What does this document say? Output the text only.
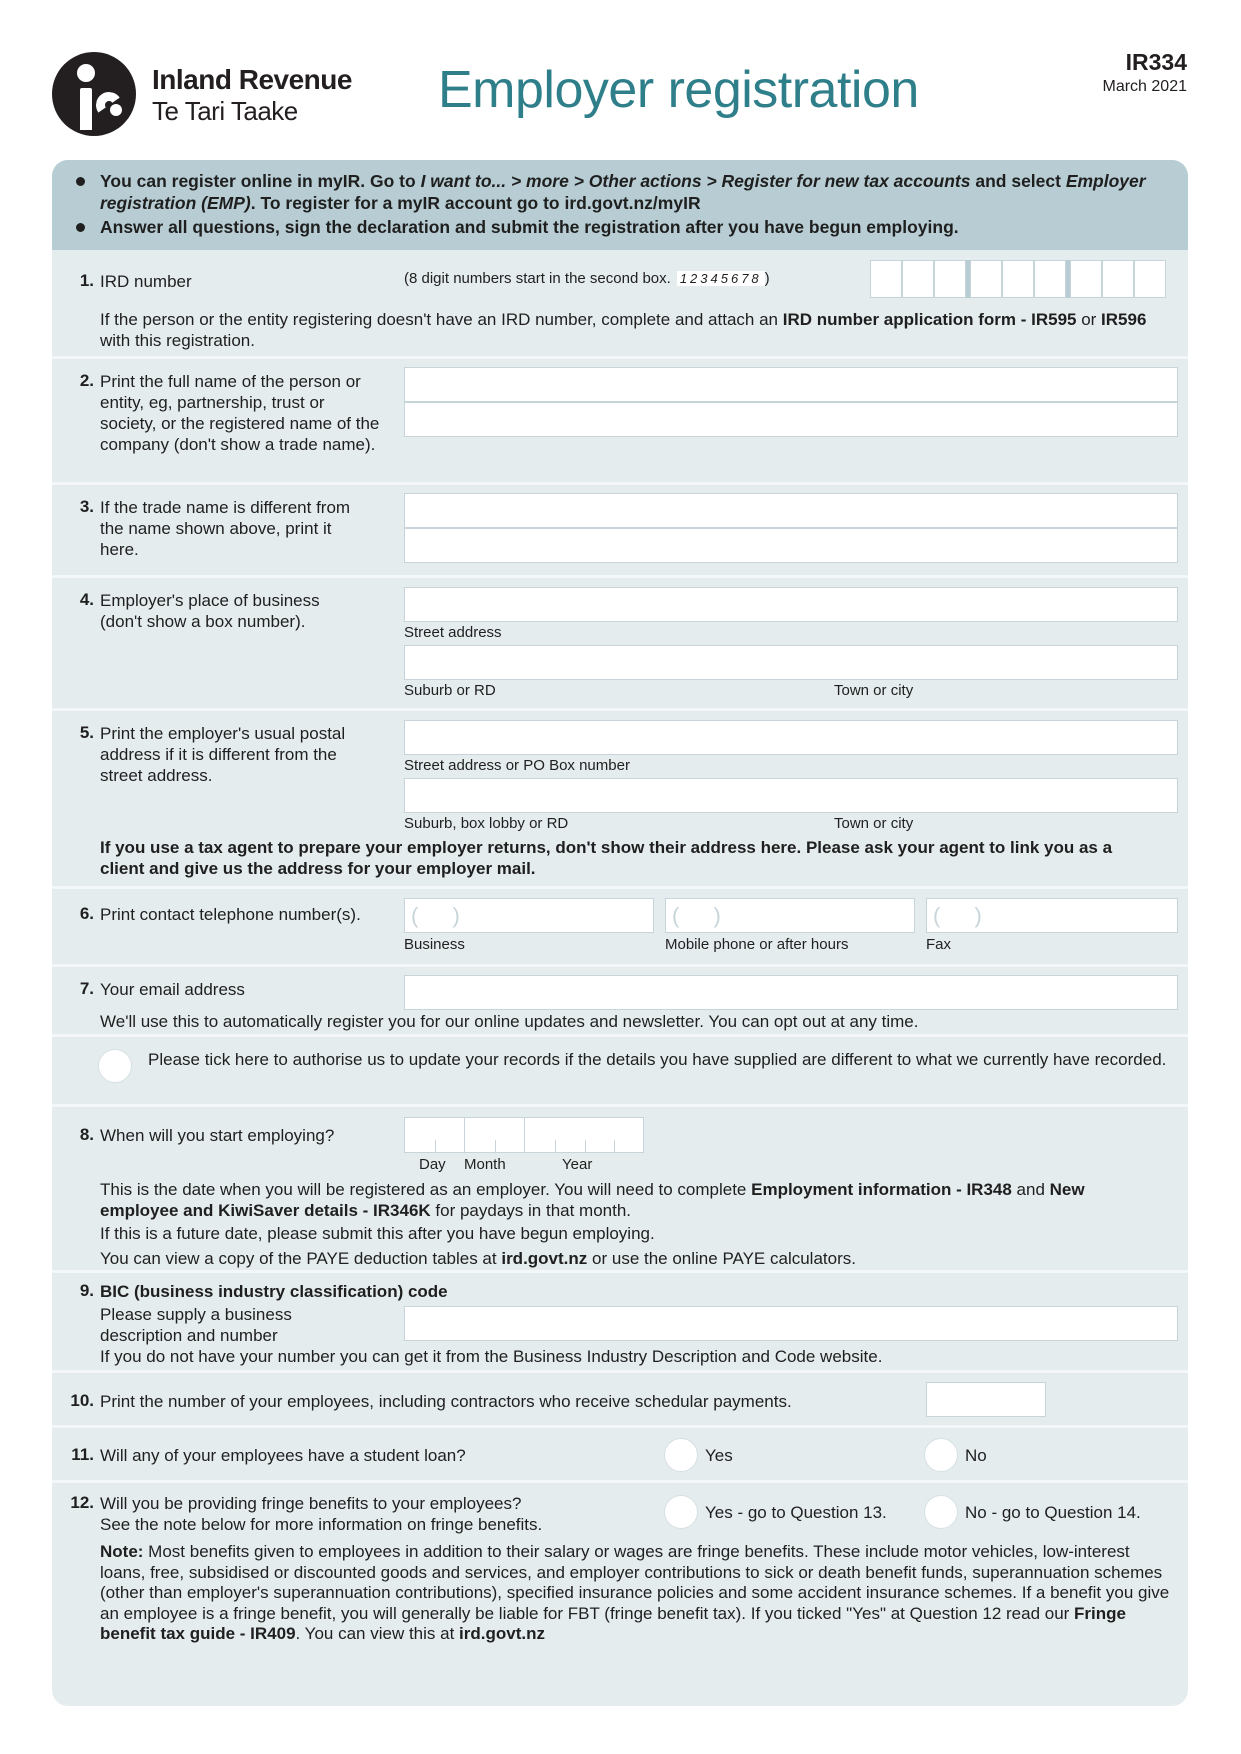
Inland Revenue
Te Tari Taake	Employer registration	IR334
March 2021
You can register online in myIR. Go to I want to... > more > Other actions > Register for new tax accounts and select Employer registration (EMP). To register for a myIR account go to ird.govt.nz/myIR
Answer all questions, sign the declaration and submit the registration after you have begun employing.
1. IRD number	(8 digit numbers start in the second box. 12345678 )
If the person or the entity registering doesn't have an IRD number, complete and attach an IRD number application form - IR595 or IR596 with this registration.
2. Print the full name of the person or entity, eg, partnership, trust or society, or the registered name of the company (don't show a trade name).
3. If the trade name is different from the name shown above, print it here.
4. Employer's place of business (don't show a box number).
Street address
Suburb or RD	Town or city
5. Print the employer's usual postal address if it is different from the street address.
Street address or PO Box number
Suburb, box lobby or RD	Town or city
If you use a tax agent to prepare your employer returns, don't show their address here. Please ask your agent to link you as a client and give us the address for your employer mail.
6. Print contact telephone number(s). ( )	( )	( )
Business	Mobile phone or after hours	Fax
7. Your email address
We'll use this to automatically register you for our online updates and newsletter. You can opt out at any time.
Please tick here to authorise us to update your records if the details you have supplied are different to what we currently have recorded.
8. When will you start employing?
Day Month	Year
This is the date when you will be registered as an employer. You will need to complete Employment information - IR348 and New employee and KiwiSaver details - IR346K for paydays in that month.
If this is a future date, please submit this after you have begun employing.
You can view a copy of the PAYE deduction tables at ird.govt.nz or use the online PAYE calculators.
9. BIC (business industry classification) code
Please supply a business description and number
If you do not have your number you can get it from the Business Industry Description and Code website.
10. Print the number of your employees, including contractors who receive schedular payments.
11. Will any of your employees have a student loan?	Yes	No
12. Will you be providing fringe benefits to your employees?
See the note below for more information on fringe benefits.
Yes - go to Question 13.	No - go to Question 14.
Note: Most benefits given to employees in addition to their salary or wages are fringe benefits. These include motor vehicles, low-interest loans, free, subsidised or discounted goods and services, and employer contributions to sick or death benefit funds, superannuation schemes (other than employer's superannuation contributions), specified insurance policies and some accident insurance schemes. If a benefit you give an employee is a fringe benefit, you will generally be liable for FBT (fringe benefit tax). If you ticked "Yes" at Question 12 read our Fringe benefit tax guide - IR409. You can view this at ird.govt.nz
